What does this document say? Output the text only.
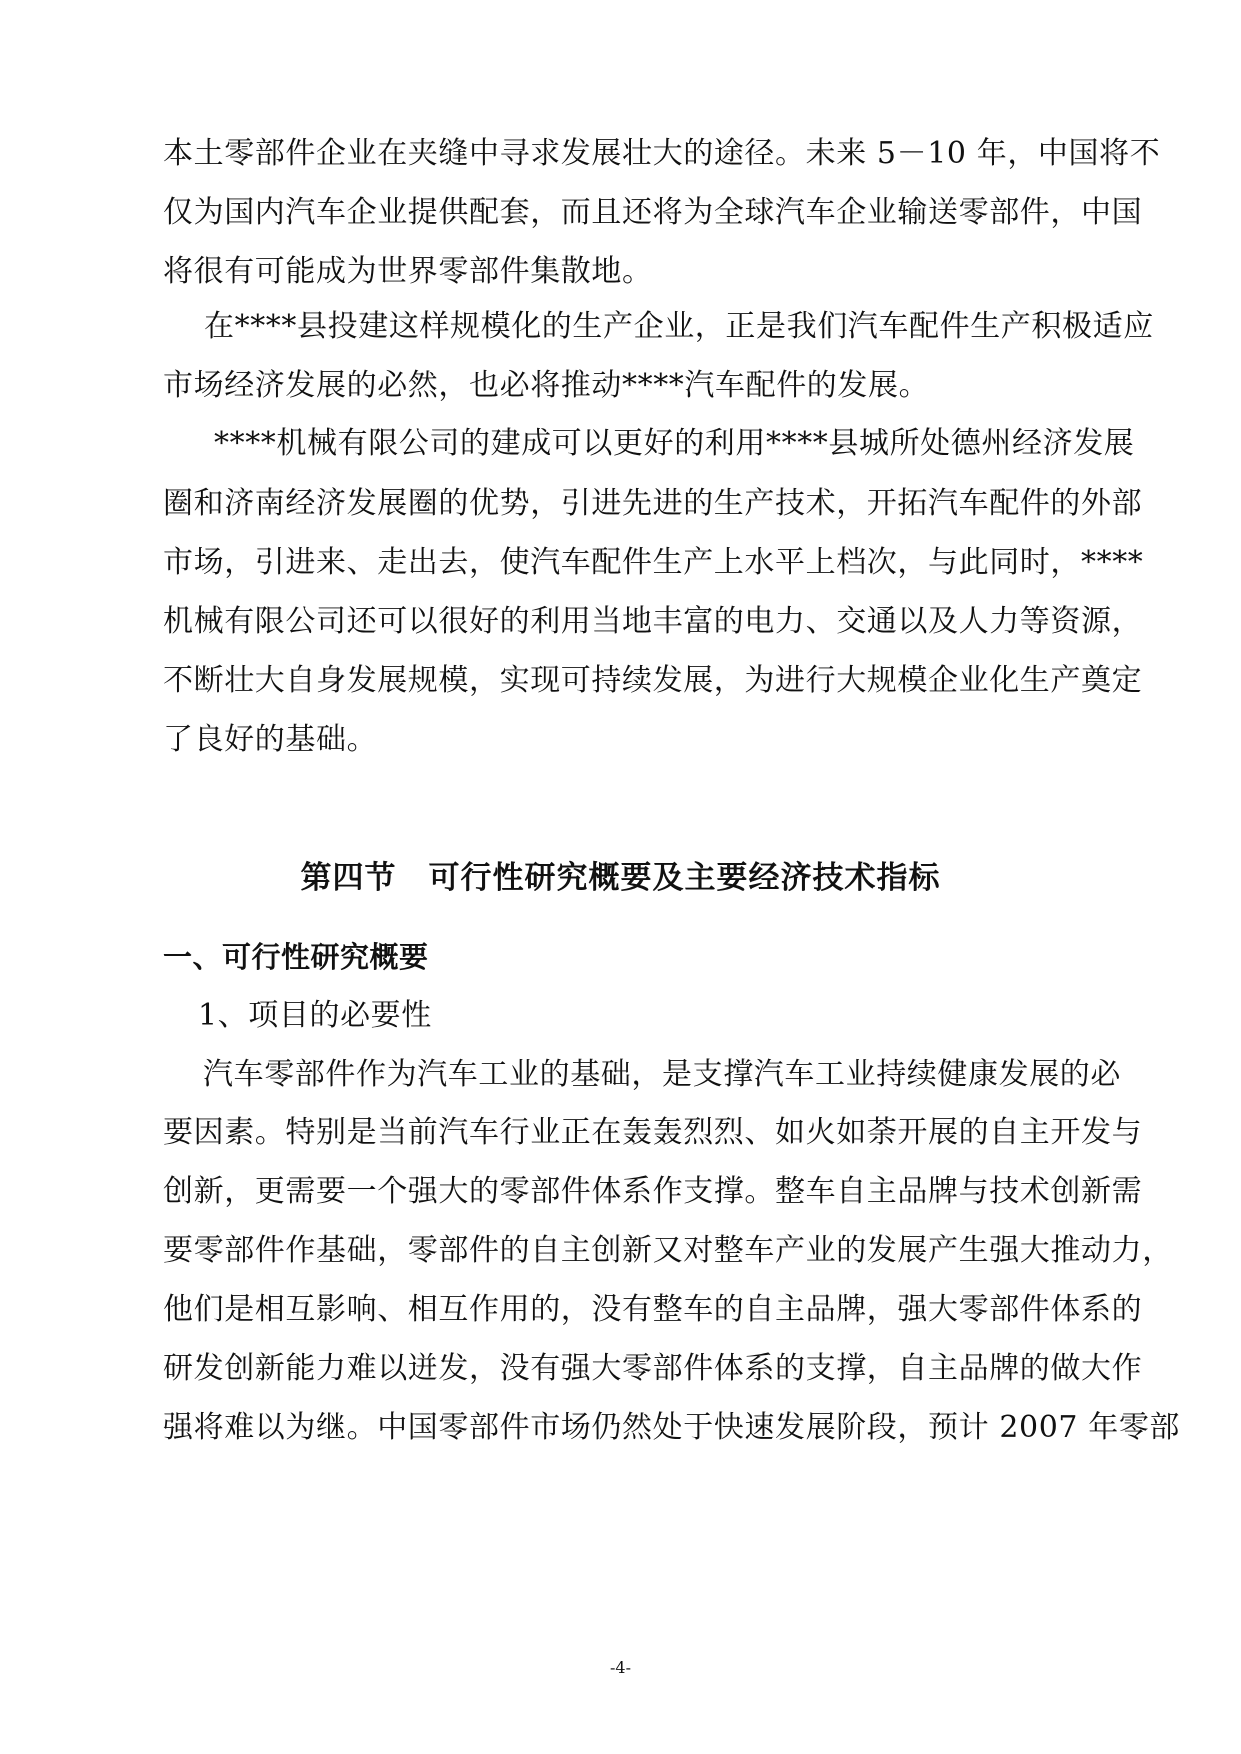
本土零部件企业在夹缝中寻求发展壮大的途径。未来 5－10 年，中国将不
仅为国内汽车企业提供配套，而且还将为全球汽车企业输送零部件，中国
将很有可能成为世界零部件集散地。
在****县投建这样规模化的生产企业，正是我们汽车配件生产积极适应
市场经济发展的必然，也必将推动****汽车配件的发展。
****机械有限公司的建成可以更好的利用****县城所处德州经济发展
圈和济南经济发展圈的优势，引进先进的生产技术，开拓汽车配件的外部
市场，引进来、走出去，使汽车配件生产上水平上档次，与此同时，****
机械有限公司还可以很好的利用当地丰富的电力、交通以及人力等资源，
不断壮大自身发展规模，实现可持续发展，为进行大规模企业化生产奠定
了良好的基础。
第四节　可行性研究概要及主要经济技术指标
一、可行性研究概要
1、项目的必要性
汽车零部件作为汽车工业的基础，是支撑汽车工业持续健康发展的必
要因素。特别是当前汽车行业正在轰轰烈烈、如火如荼开展的自主开发与
创新，更需要一个强大的零部件体系作支撑。整车自主品牌与技术创新需
要零部件作基础，零部件的自主创新又对整车产业的发展产生强大推动力，
他们是相互影响、相互作用的，没有整车的自主品牌，强大零部件体系的
研发创新能力难以迸发，没有强大零部件体系的支撑，自主品牌的做大作
强将难以为继。中国零部件市场仍然处于快速发展阶段，预计 2007 年零部
-4-
